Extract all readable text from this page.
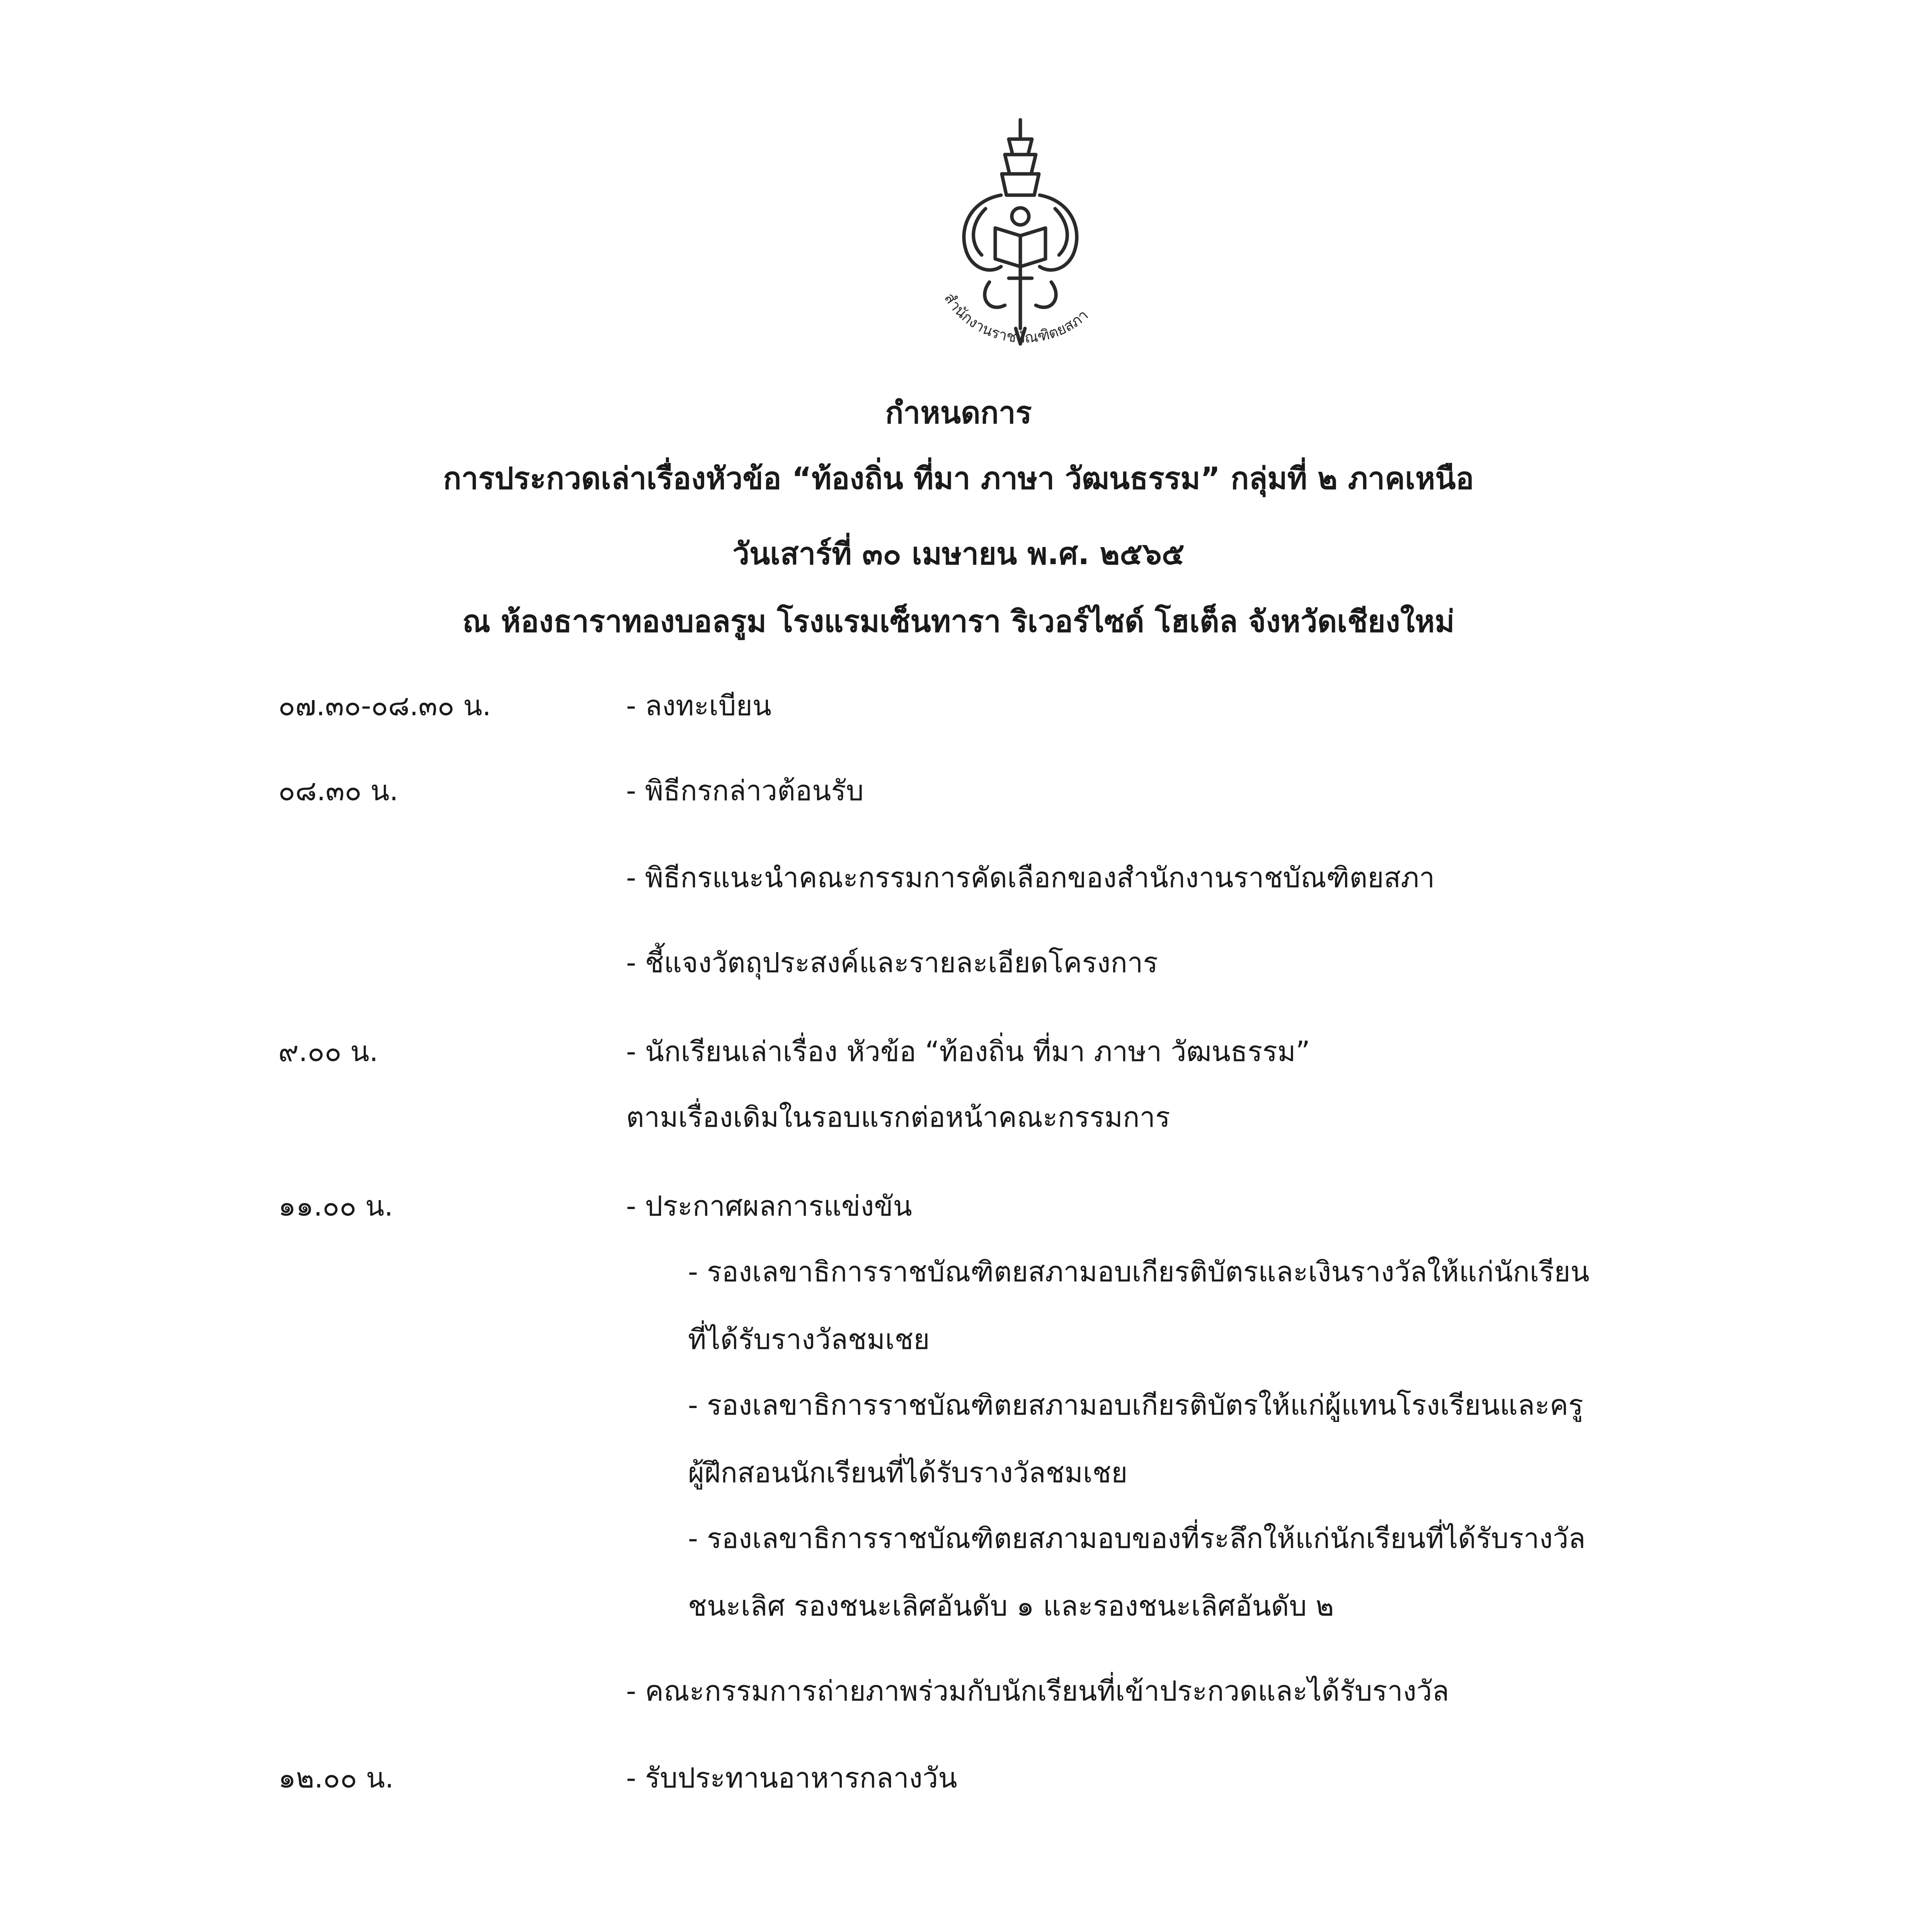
สำนักงานราชบัณฑิตยสภา
กำหนดการ
การประกวดเล่าเรื่องหัวข้อ “ท้องถิ่น ที่มา ภาษา วัฒนธรรม” กลุ่มที่ ๒ ภาคเหนือ
วันเสาร์ที่ ๓๐ เมษายน พ.ศ. ๒๕๖๕
ณ ห้องธาราทองบอลรูม โรงแรมเซ็นทารา ริเวอร์ไซด์ โฮเต็ล จังหวัดเชียงใหม่
๐๗.๓๐-๐๘.๓๐ น.	- ลงทะเบียน
๐๘.๓๐ น.	- พิธีกรกล่าวต้อนรับ
- พิธีกรแนะนำคณะกรรมการคัดเลือกของสำนักงานราชบัณฑิตยสภา
- ชี้แจงวัตถุประสงค์และรายละเอียดโครงการ
๙.๐๐ น.	- นักเรียนเล่าเรื่อง หัวข้อ “ท้องถิ่น ที่มา ภาษา วัฒนธรรม”
ตามเรื่องเดิมในรอบแรกต่อหน้าคณะกรรมการ
๑๑.๐๐ น.	- ประกาศผลการแข่งขัน
- รองเลขาธิการราชบัณฑิตยสภามอบเกียรติบัตรและเงินรางวัลให้แก่นักเรียน
ที่ได้รับรางวัลชมเชย
- รองเลขาธิการราชบัณฑิตยสภามอบเกียรติบัตรให้แก่ผู้แทนโรงเรียนและครู
ผู้ฝึกสอนนักเรียนที่ได้รับรางวัลชมเชย
- รองเลขาธิการราชบัณฑิตยสภามอบของที่ระลึกให้แก่นักเรียนที่ได้รับรางวัล
ชนะเลิศ รองชนะเลิศอันดับ ๑ และรองชนะเลิศอันดับ ๒
- คณะกรรมการถ่ายภาพร่วมกับนักเรียนที่เข้าประกวดและได้รับรางวัล
๑๒.๐๐ น.	- รับประทานอาหารกลางวัน
